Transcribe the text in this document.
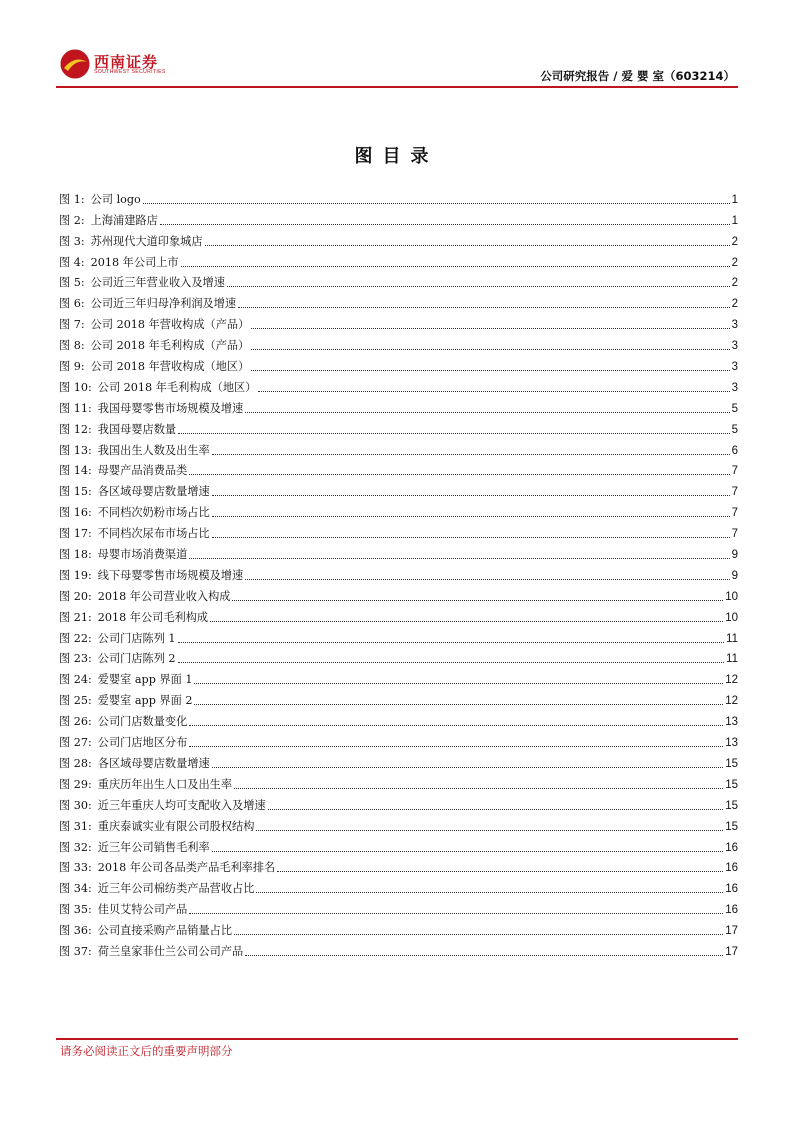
西南证券
SOUTHWEST SECURITIES	公司研究报告 / 爱 婴 室（603214）
图目录
图 1: 公司 logo	1
图 2: 上海浦建路店	1
图 3: 苏州现代大道印象城店	2
图 4: 2018 年公司上市	2
图 5: 公司近三年营业收入及增速	2
图 6: 公司近三年归母净利润及增速	2
图 7: 公司 2018 年营收构成（产品）	3
图 8: 公司 2018 年毛利构成（产品）	3
图 9: 公司 2018 年营收构成（地区）	3
图 10: 公司 2018 年毛利构成（地区）	3
图 11: 我国母婴零售市场规模及增速	5
图 12: 我国母婴店数量	5
图 13: 我国出生人数及出生率	6
图 14: 母婴产品消费品类	7
图 15: 各区域母婴店数量增速	7
图 16: 不同档次奶粉市场占比	7
图 17: 不同档次尿布市场占比	7
图 18: 母婴市场消费渠道	9
图 19: 线下母婴零售市场规模及增速	9
图 20: 2018 年公司营业收入构成	10
图 21: 2018 年公司毛利构成	10
图 22: 公司门店陈列 1	11
图 23: 公司门店陈列 2	11
图 24: 爱婴室 app 界面 1	12
图 25: 爱婴室 app 界面 2	12
图 26: 公司门店数量变化	13
图 27: 公司门店地区分布	13
图 28: 各区域母婴店数量增速	15
图 29: 重庆历年出生人口及出生率	15
图 30: 近三年重庆人均可支配收入及增速	15
图 31: 重庆泰诚实业有限公司股权结构	15
图 32: 近三年公司销售毛利率	16
图 33: 2018 年公司各品类产品毛利率排名	16
图 34: 近三年公司棉纺类产品营收占比	16
图 35: 佳贝艾特公司产品	16
图 36: 公司直接采购产品销量占比	17
图 37: 荷兰皇家菲仕兰公司公司产品	17
请务必阅读正文后的重要声明部分
